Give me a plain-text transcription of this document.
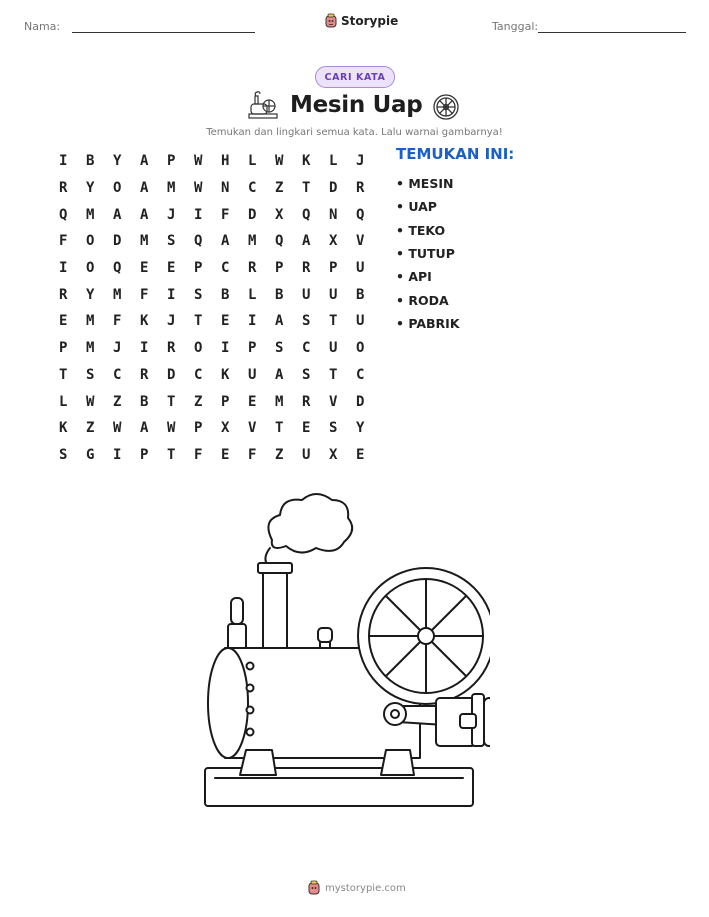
Nama:	Tanggal:
Storypie
CARI KATA
Mesin Uap
Temukan dan lingkari semua kata. Lalu warnai gambarnya!
I	B	Y	A	P	W	H	L	W	K	L	J
R	Y	O	A	M	W	N	C	Z	T	D	R
Q	M	A	A	J	I	F	D	X	Q	N	Q
F	O	D	M	S	Q	A	M	Q	A	X	V
I	O	Q	E	E	P	C	R	P	R	P	U
R	Y	M	F	I	S	B	L	B	U	U	B
E	M	F	K	J	T	E	I	A	S	T	U
P	M	J	I	R	O	I	P	S	C	U	O
T	S	C	R	D	C	K	U	A	S	T	C
L	W	Z	B	T	Z	P	E	M	R	V	D
K	Z	W	A	W	P	X	V	T	E	S	Y
S	G	I	P	T	F	E	F	Z	U	X	E
TEMUKAN INI:
• MESIN
• UAP
• TEKO
• TUTUP
• API
• RODA
• PABRIK
mystorypie.com
